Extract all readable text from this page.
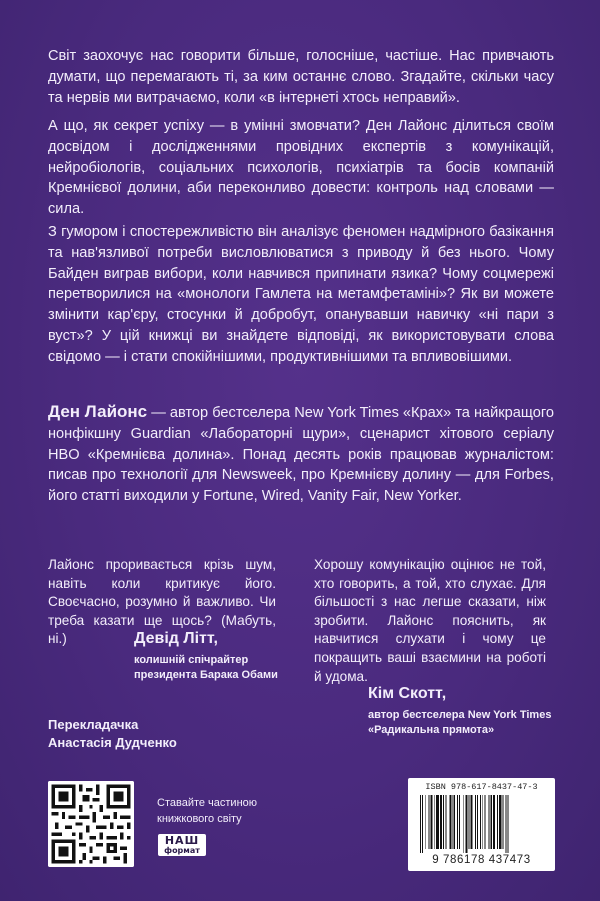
Світ заохочує нас говорити більше, голосніше, частіше. Нас привчають думати, що перемагають ті, за ким останнє слово. Згадайте, скільки часу та нервів ми витрачаємо, коли «в інтернеті хтось неправий».

А що, як секрет успіху — в умінні змовчати? Ден Лайонс ділиться своїм досвідом і дослідженнями провідних експертів з комунікацій, нейробіологів, соціальних психологів, психіатрів та босів компаній Кремнієвої долини, аби переконливо довести: контроль над словами — сила.

З гумором і спостережливістю він аналізує феномен надмірного базікання та нав'язливої потреби висловлюватися з приводу й без нього. Чому Байден виграв вибори, коли навчився припинати язика? Чому соцмережі перетворилися на «монологи Гамлета на метамфетаміні»? Як ви можете змінити кар'єру, стосунки й добробут, опанувавши навичку «ні пари з вуст»? У цій книжці ви знайдете відповіді, як використовувати слова свідомо — і стати спокійнішими, продуктивнішими та впливовішими.

Ден Лайонс — автор бестселера New York Times «Крах» та найкращого нонфікшну Guardian «Лабораторні щури», сценарист хітового серіалу HBO «Кремнієва долина». Понад десять років працював журналістом: писав про технології для Newsweek, про Кремнієву долину — для Forbes, його статті виходили у Fortune, Wired, Vanity Fair, New Yorker.

Лайонс проривається крізь шум, навіть коли критикує його. Своєчасно, розумно й важливо. Чи треба казати ще щось? (Мабуть, ні.)	Девід Літт,
колишній спічрайтер
президента Барака Обами

Хорошу комунікацію оцінює не той, хто говорить, а той, хто слухає. Для більшості з нас легше сказати, ніж зробити. Лайонс пояснить, як навчитися слухати і чому це покращить ваші взаємини на роботі й удома.

Кім Скотт,
автор бестселера New York Times
«Радикальна прямота»
Перекладачка
Анастасія Дудченко
Ставайте частиною
книжкового світу
НАШ
формат
ISBN 978-617-8437-47-3
9 786178 437473
